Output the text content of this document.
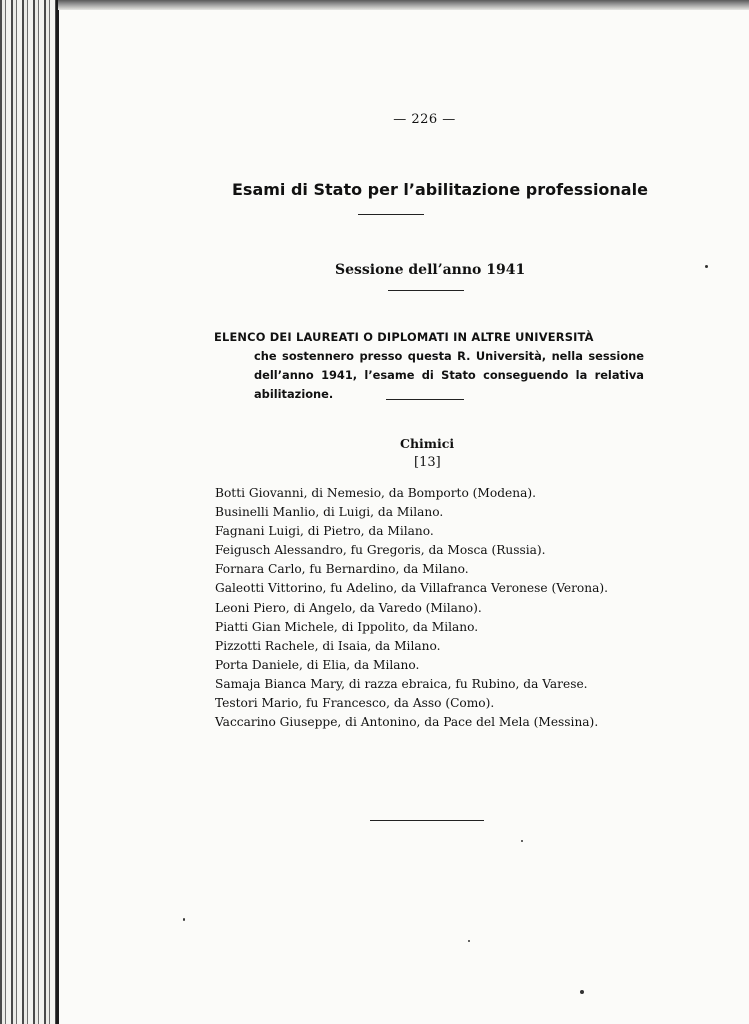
— 226 —
Esami di Stato per l’abilitazione professionale
Sessione dell’anno 1941
ELENCO DEI LAUREATI O DIPLOMATI IN ALTRE UNIVERSITÀ
che sostennero presso questa R. Università, nella sessione dell’anno 1941, l’esame di Stato conseguendo la relativa abilitazione.
Chimici
[13]
Botti Giovanni, di Nemesio, da Bomporto (Modena).
Businelli Manlio, di Luigi, da Milano.
Fagnani Luigi, di Pietro, da Milano.
Feigusch Alessandro, fu Gregoris, da Mosca (Russia).
Fornara Carlo, fu Bernardino, da Milano.
Galeotti Vittorino, fu Adelino, da Villafranca Veronese (Verona).
Leoni Piero, di Angelo, da Varedo (Milano).
Piatti Gian Michele, di Ippolito, da Milano.
Pizzotti Rachele, di Isaia, da Milano.
Porta Daniele, di Elia, da Milano.
Samaja Bianca Mary, di razza ebraica, fu Rubino, da Varese.
Testori Mario, fu Francesco, da Asso (Como).
Vaccarino Giuseppe, di Antonino, da Pace del Mela (Messina).
